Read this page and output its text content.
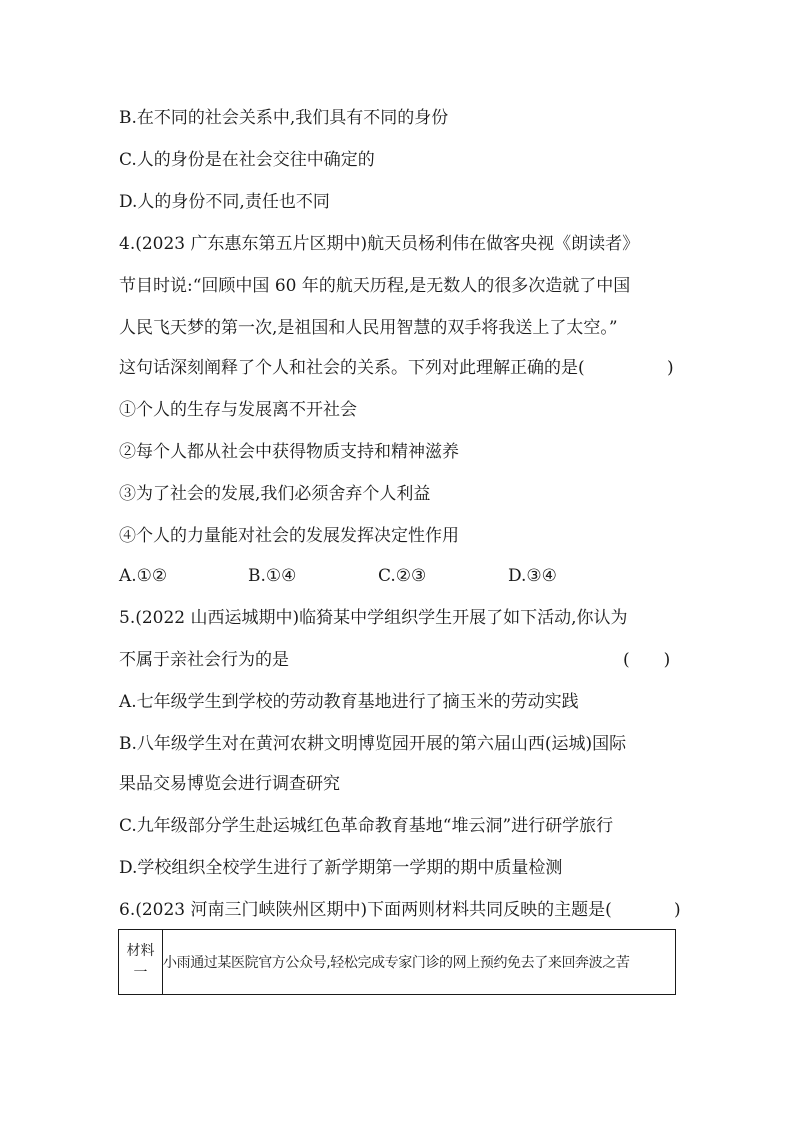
B.在不同的社会关系中,我们具有不同的身份
C.人的身份是在社会交往中确定的
D.人的身份不同,责任也不同
4.(2023 广东惠东第五片区期中)航天员杨利伟在做客央视《朗读者》
节目时说:“回顾中国 60 年的航天历程,是无数人的很多次造就了中国
人民飞天梦的第一次,是祖国和人民用智慧的双手将我送上了太空。”
这句话深刻阐释了个人和社会的关系。下列对此理解正确的是(	)
①个人的生存与发展离不开社会
②每个人都从社会中获得物质支持和精神滋养
③为了社会的发展,我们必须舍弃个人利益
④个人的力量能对社会的发展发挥决定性作用
A.①②	B.①④	C.②③	D.③④
5.(2022 山西运城期中)临猗某中学组织学生开展了如下活动,你认为
不属于亲社会行为的是	(　　)
A.七年级学生到学校的劳动教育基地进行了摘玉米的劳动实践
B.八年级学生对在黄河农耕文明博览园开展的第六届山西(运城)国际
果品交易博览会进行调查研究
C.九年级部分学生赴运城红色革命教育基地“堆云洞”进行研学旅行
D.学校组织全校学生进行了新学期第一学期的期中质量检测
6.(2023 河南三门峡陕州区期中)下面两则材料共同反映的主题是(	)
材料
一
	小雨通过某医院官方公众号,轻松完成专家门诊的网上预约免去了来回奔波之苦
